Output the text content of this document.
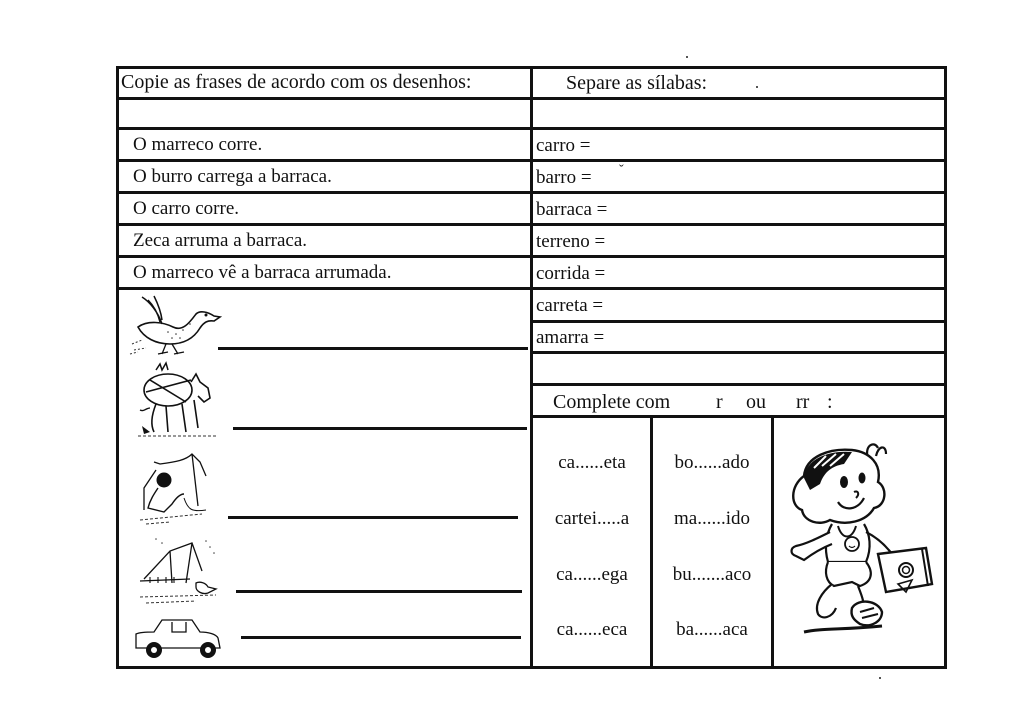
Copie as frases de acordo com os desenhos:
O marreco corre.
O burro carrega a barraca.
O carro corre.
Zeca arruma a barraca.
O marreco vê a barraca arrumada.
Separe as sílabas:
carro =
barro = ˇ
barraca =
terreno =
corrida =
carreta =
amarra =
Complete com r ou rr :
ca......eta
cartei.....a
ca......ega
ca......eca
bo......ado
ma......ido
bu.......aco
ba......aca
